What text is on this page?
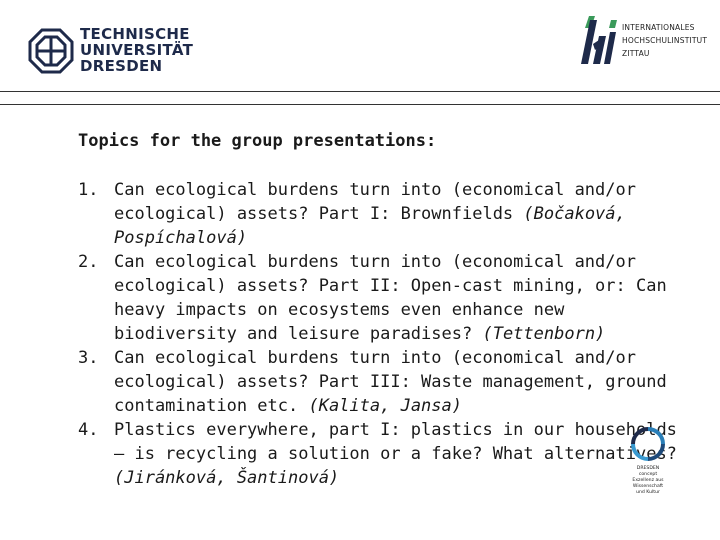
TECHNISCHE
UNIVERSITÄT
DRESDEN
INTERNATIONALES
HOCHSCHULINSTITUT
ZITTAU
Topics for the group presentations:
1. Can ecological burdens turn into (economical and/or ecological) assets? Part I: Brownfields (Bočaková, Pospíchalová)
2. Can ecological burdens turn into (economical and/or ecological) assets? Part II: Open-cast mining, or: Can heavy impacts on ecosystems even enhance new biodiversity and leisure paradises? (Tettenborn)
3. Can ecological burdens turn into (economical and/or ecological) assets? Part III: Waste management, ground contamination etc. (Kalita, Jansa)
4. Plastics everywhere, part I: plastics in our households – is recycling a solution or a fake? What alternatives? (Jiránková, Šantinová)	DRESDEN
concept
Exzellenz aus
Wissenschaft
und Kultur
